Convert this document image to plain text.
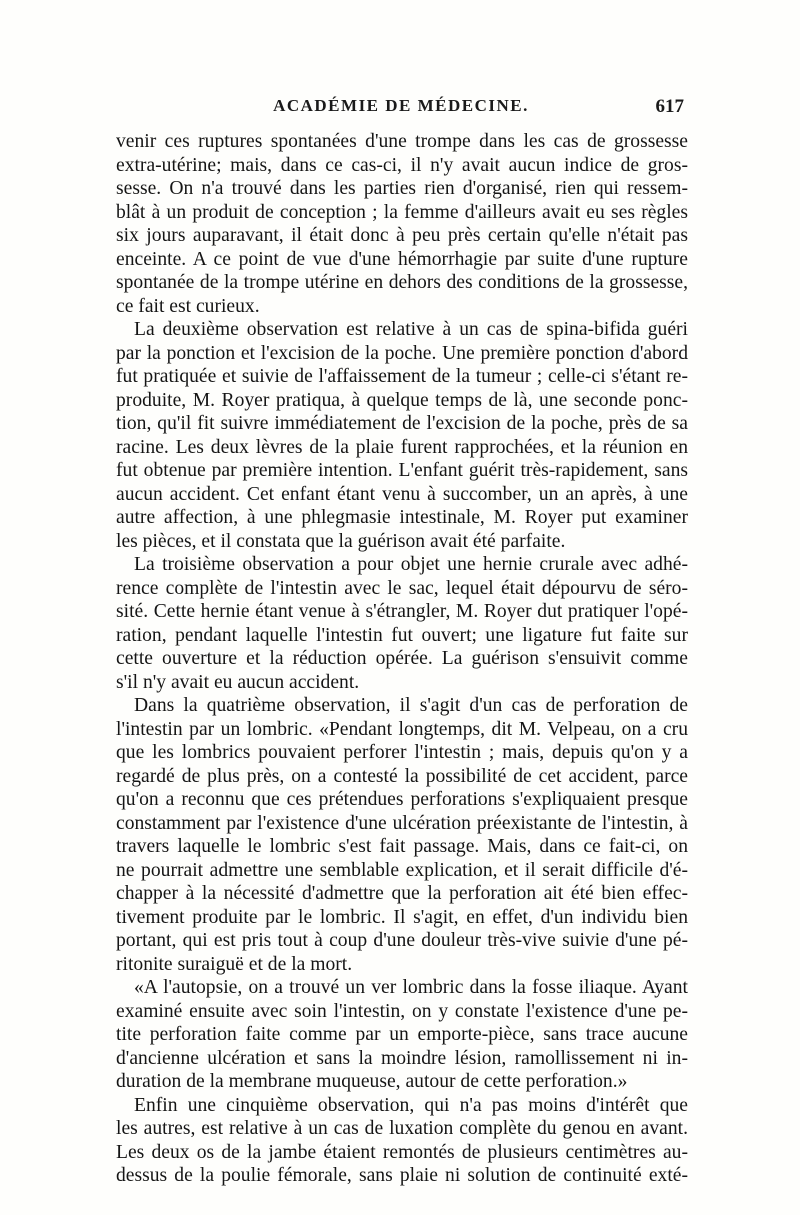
ACADÉMIE DE MÉDECINE.	617
venir ces ruptures spontanées d'une trompe dans les cas de grossesse
extra-utérine; mais, dans ce cas-ci, il n'y avait aucun indice de gros-
sesse. On n'a trouvé dans les parties rien d'organisé, rien qui ressem-
blât à un produit de conception ; la femme d'ailleurs avait eu ses règles
six jours auparavant, il était donc à peu près certain qu'elle n'était pas
enceinte. A ce point de vue d'une hémorrhagie par suite d'une rupture
spontanée de la trompe utérine en dehors des conditions de la grossesse,
ce fait est curieux.
La deuxième observation est relative à un cas de spina-bifida guéri
par la ponction et l'excision de la poche. Une première ponction d'abord
fut pratiquée et suivie de l'affaissement de la tumeur ; celle-ci s'étant re-
produite, M. Royer pratiqua, à quelque temps de là, une seconde ponc-
tion, qu'il fit suivre immédiatement de l'excision de la poche, près de sa
racine. Les deux lèvres de la plaie furent rapprochées, et la réunion en
fut obtenue par première intention. L'enfant guérit très-rapidement, sans
aucun accident. Cet enfant étant venu à succomber, un an après, à une
autre affection, à une phlegmasie intestinale, M. Royer put examiner
les pièces, et il constata que la guérison avait été parfaite.
La troisième observation a pour objet une hernie crurale avec adhé-
rence complète de l'intestin avec le sac, lequel était dépourvu de séro-
sité. Cette hernie étant venue à s'étrangler, M. Royer dut pratiquer l'opé-
ration, pendant laquelle l'intestin fut ouvert; une ligature fut faite sur
cette ouverture et la réduction opérée. La guérison s'ensuivit comme
s'il n'y avait eu aucun accident.
Dans la quatrième observation, il s'agit d'un cas de perforation de
l'intestin par un lombric. «Pendant longtemps, dit M. Velpeau, on a cru
que les lombrics pouvaient perforer l'intestin ; mais, depuis qu'on y a
regardé de plus près, on a contesté la possibilité de cet accident, parce
qu'on a reconnu que ces prétendues perforations s'expliquaient presque
constamment par l'existence d'une ulcération préexistante de l'intestin, à
travers laquelle le lombric s'est fait passage. Mais, dans ce fait-ci, on
ne pourrait admettre une semblable explication, et il serait difficile d'é-
chapper à la nécessité d'admettre que la perforation ait été bien effec-
tivement produite par le lombric. Il s'agit, en effet, d'un individu bien
portant, qui est pris tout à coup d'une douleur très-vive suivie d'une pé-
ritonite suraiguë et de la mort.
«A l'autopsie, on a trouvé un ver lombric dans la fosse iliaque. Ayant
examiné ensuite avec soin l'intestin, on y constate l'existence d'une pe-
tite perforation faite comme par un emporte-pièce, sans trace aucune
d'ancienne ulcération et sans la moindre lésion, ramollissement ni in-
duration de la membrane muqueuse, autour de cette perforation.»
Enfin une cinquième observation, qui n'a pas moins d'intérêt que
les autres, est relative à un cas de luxation complète du genou en avant.
Les deux os de la jambe étaient remontés de plusieurs centimètres au-
dessus de la poulie fémorale, sans plaie ni solution de continuité exté-
